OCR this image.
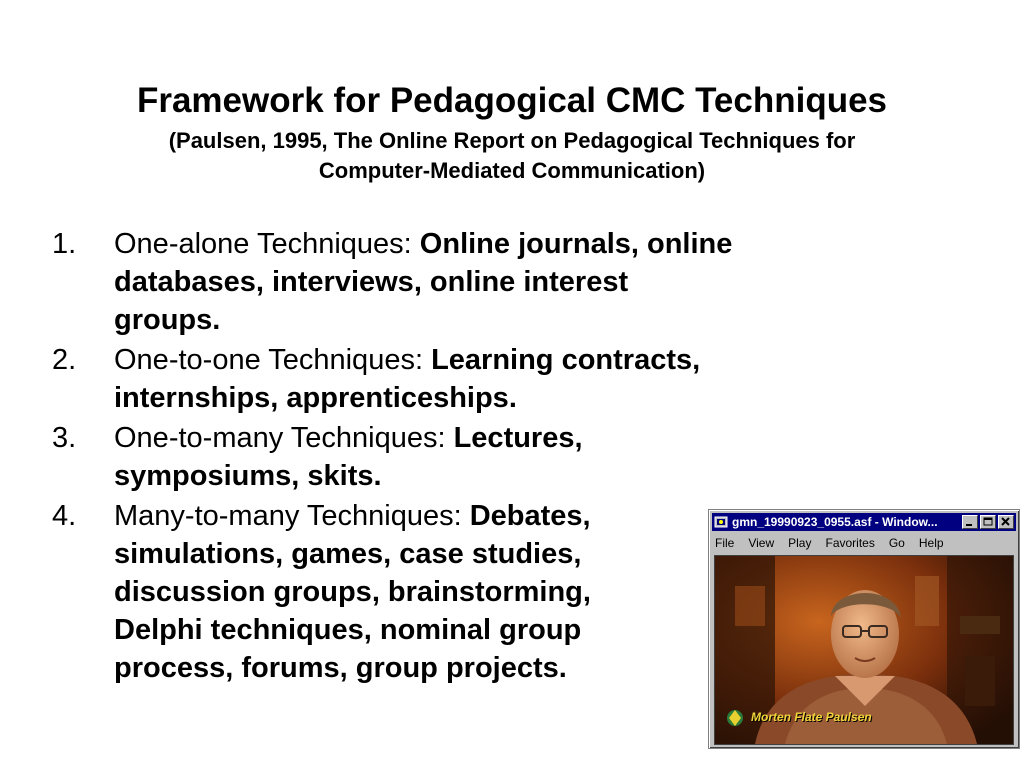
Framework for Pedagogical CMC Techniques
(Paulsen, 1995, The Online Report on Pedagogical Techniques for
Computer-Mediated Communication)
1. One-alone Techniques: Online journals, online databases, interviews, online interest groups.
2. One-to-one Techniques: Learning contracts, internships, apprenticeships.
3. One-to-many Techniques: Lectures, symposiums, skits.
4. Many-to-many Techniques: Debates, simulations, games, case studies, discussion groups, brainstorming, Delphi techniques, nominal group process, forums, group projects.
gmn_19990923_0955.asf - Window...
File View Play Favorites Go Help
Morten Flate Paulsen
